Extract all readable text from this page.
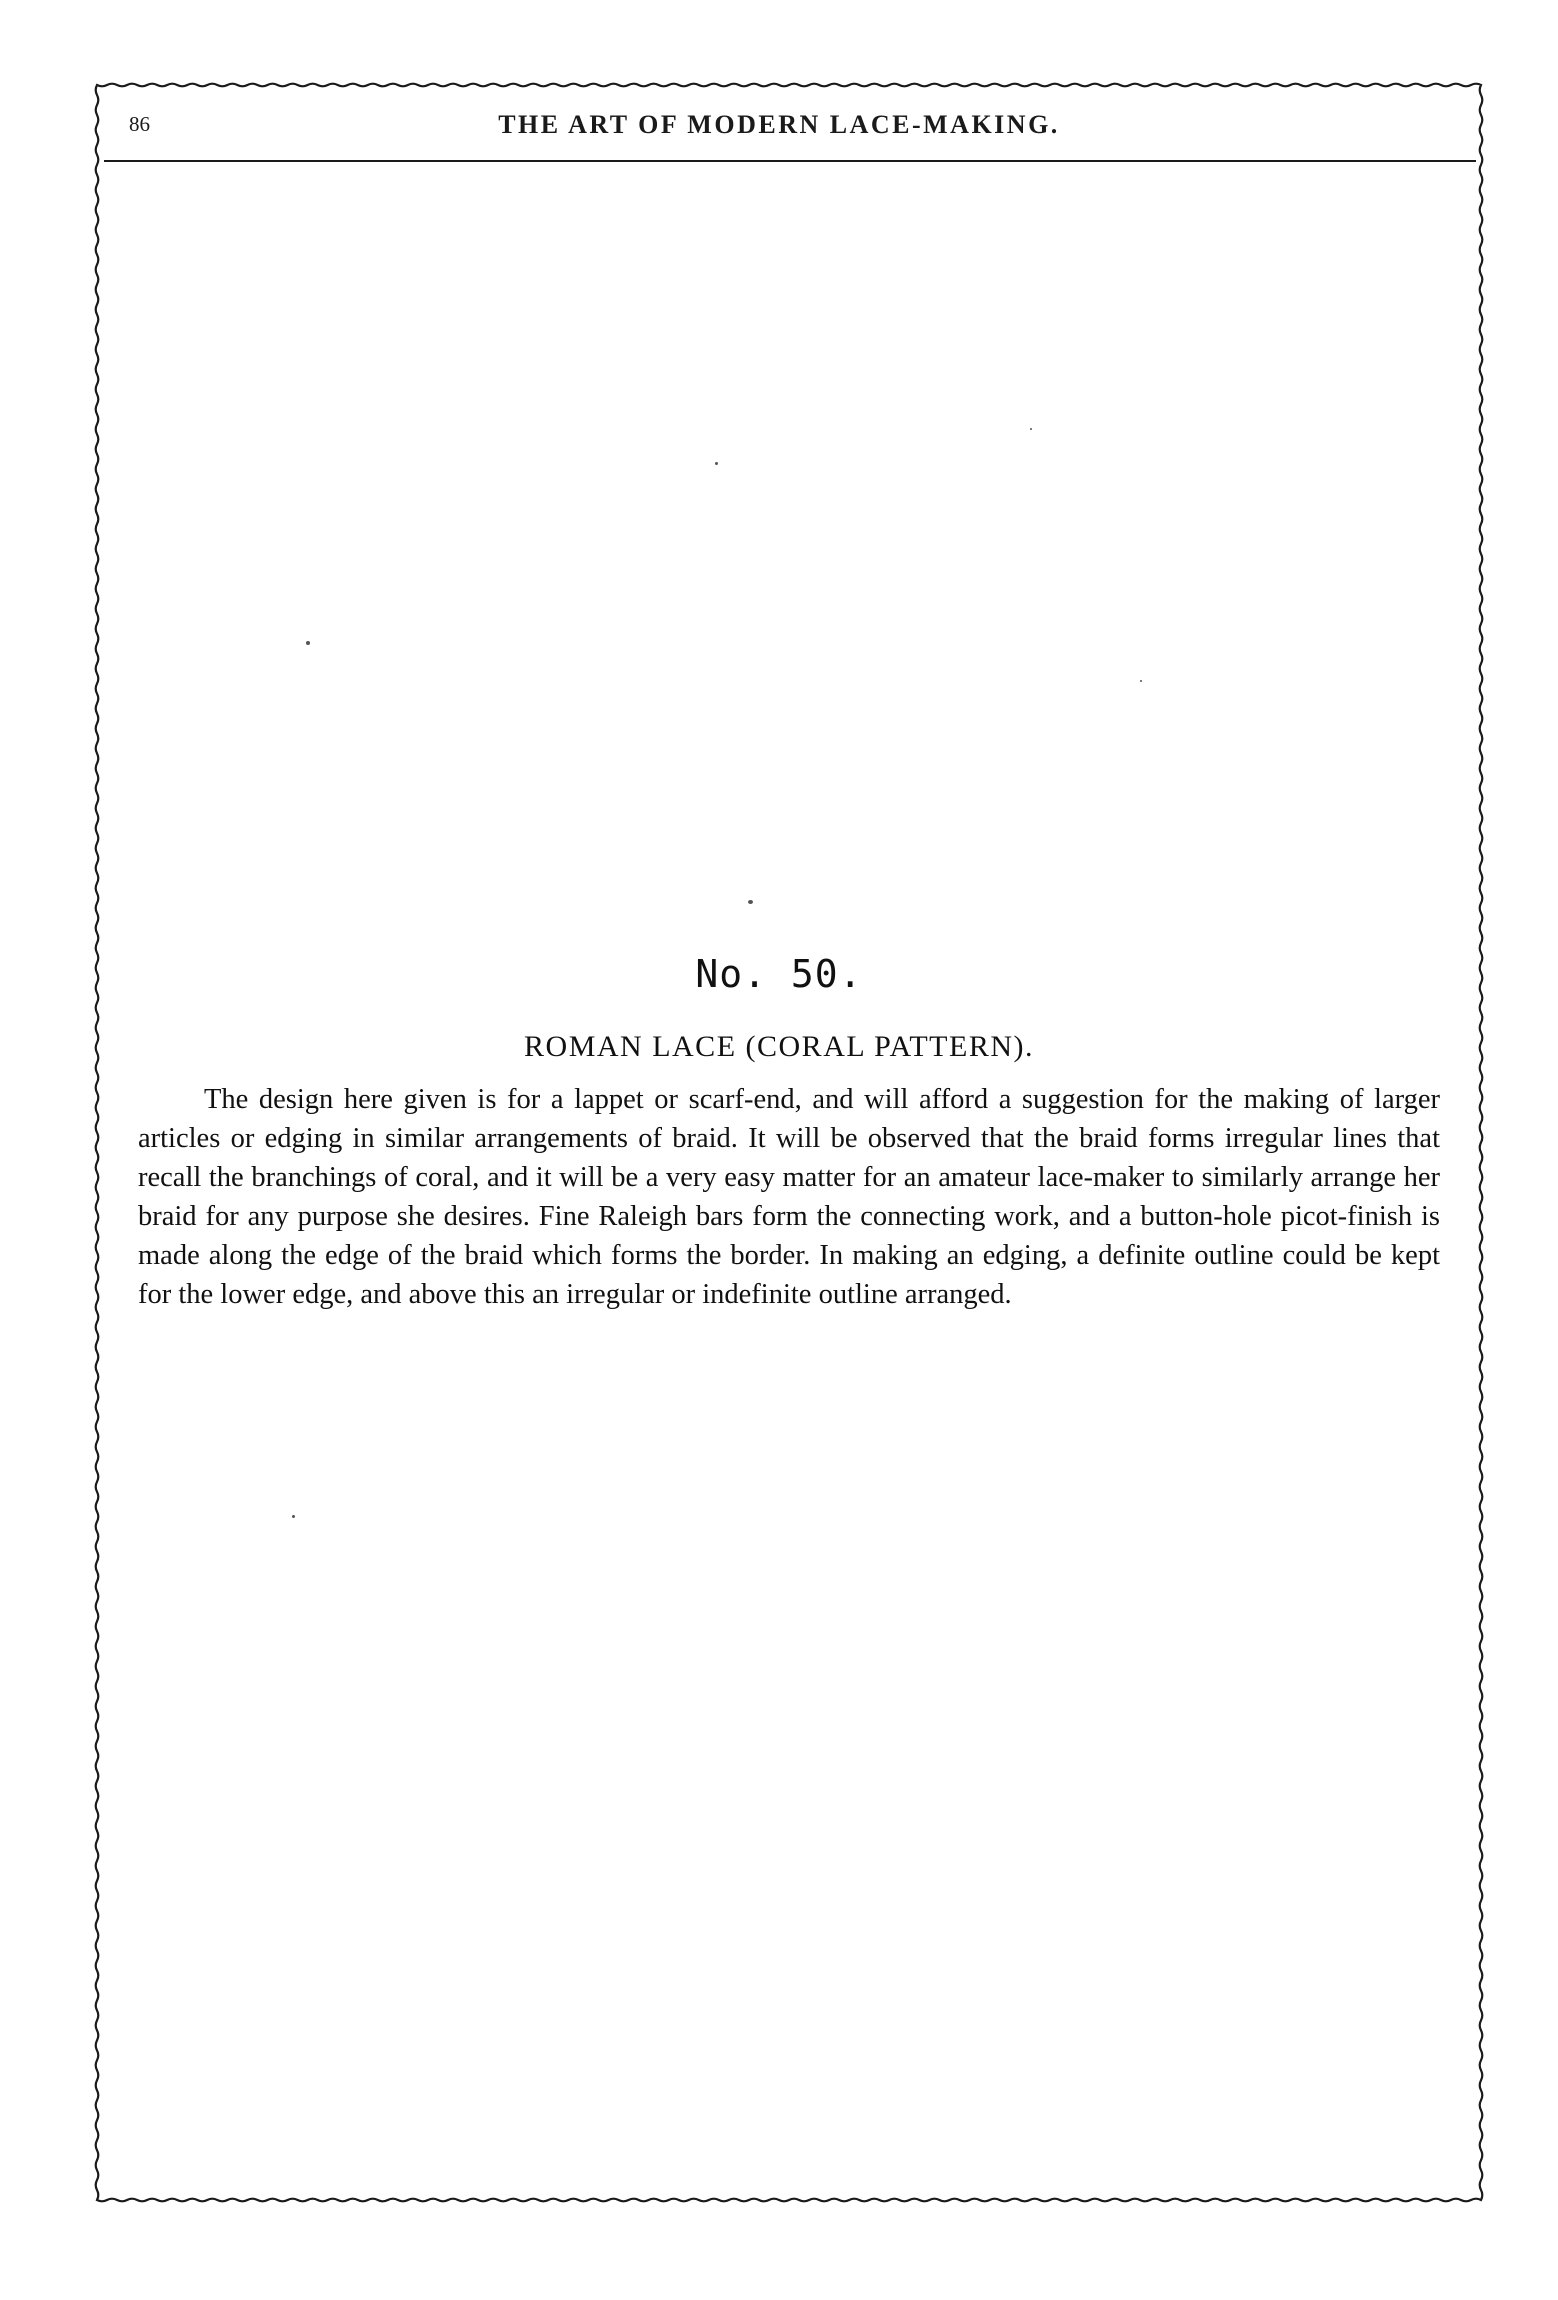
86	THE ART OF MODERN LACE-MAKING.
No. 50.
ROMAN LACE (CORAL PATTERN).

The design here given is for a lappet or scarf-end, and will afford a suggestion for the making of larger articles or edging in similar arrangements of braid. It will be observed that the braid forms irregular lines that recall the branchings of coral, and it will be a very easy matter for an amateur lace-maker to similarly arrange her braid for any purpose she desires. Fine Raleigh bars form the connecting work, and a button-hole picot-finish is made along the edge of the braid which forms the border. In making an edging, a definite outline could be kept for the lower edge, and above this an irregular or indefinite outline arranged.
